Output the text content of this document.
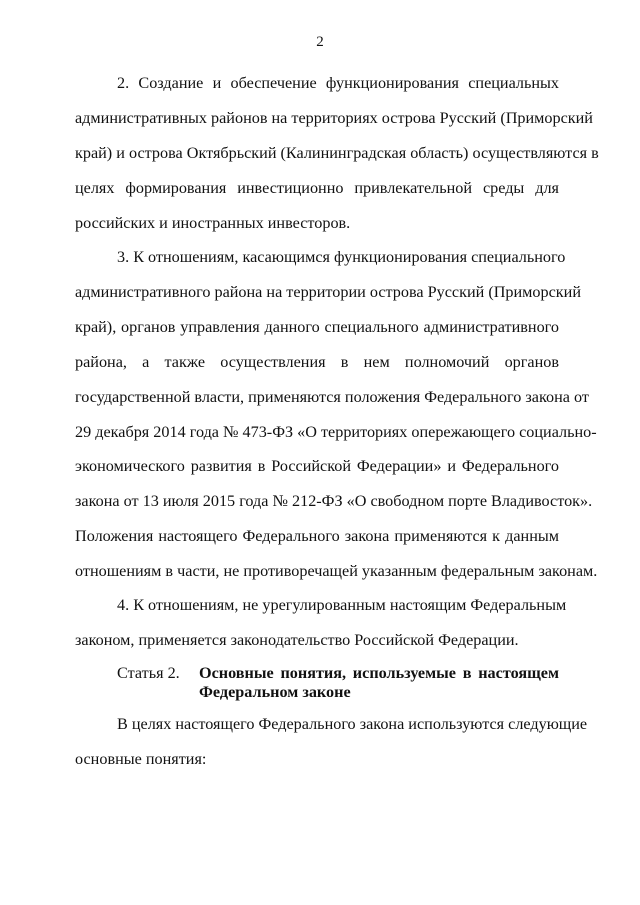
2
2. Создание и обеспечение функционирования специальных
административных районов на территориях острова Русский (Приморский
край) и острова Октябрьский (Калининградская область) осуществляются в
целях формирования инвестиционно привлекательной среды для
российских и иностранных инвесторов.
3. К отношениям, касающимся функционирования специального
административного района на территории острова Русский (Приморский
край), органов управления данного специального административного
района, а также осуществления в нем полномочий органов
государственной власти, применяются положения Федерального закона от
29 декабря 2014 года № 473-ФЗ «О территориях опережающего социально-
экономического развития в Российской Федерации» и Федерального
закона от 13 июля 2015 года № 212-ФЗ «О свободном порте Владивосток».
Положения настоящего Федерального закона применяются к данным
отношениям в части, не противоречащей указанным федеральным законам.
4. К отношениям, не урегулированным настоящим Федеральным
законом, применяется законодательство Российской Федерации.
Статья 2. Основные понятия, используемые в настоящем
Федеральном законе
В целях настоящего Федерального закона используются следующие
основные понятия:
